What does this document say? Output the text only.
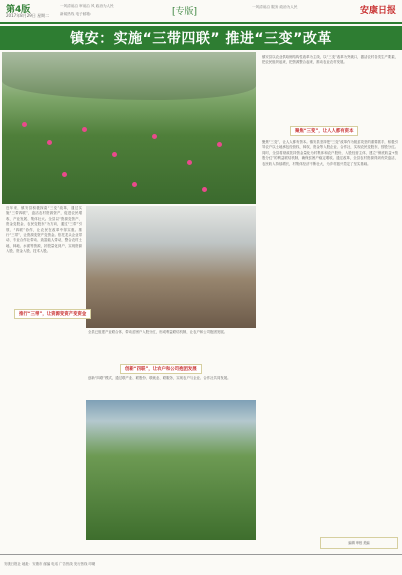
第4版
2017年8月29日 星期二
一风清前沿 审前沿 风 政治为人民
新闻热线 电子邮箱:	[专版]	一风清前沿 服务 政治为人民	安康日报
镇安：实施“三带四联” 推进“三变”改革
镇安县以农业供给侧结构性改革为主线，以“三变”改革为突破口，激活农村各类生产要素，把农民组织起来，把资源整合起来，推动农业农村发展。
聚焦“三变”，让人人都有资本
聚焦“三变”，让人人都有资本。镇安县坚持把“三变”改革作为脱贫攻坚的重要抓手，积极引导农户以土地承包经营权、林权、资金等入股企业、合作社，实现农民变股东，按股分红。同时，全县将财政扶持资金量化为村集体和农户股份，入股经营主体，建立“保底收益+按股分红”的利益联结机制，确保贫困户稳定增收。通过改革，全县农村资源得到有效盘活，农民收入持续增长，村集体经济不断壮大，为乡村振兴奠定了坚实基础。
近年来，镇安县积极探索“三变”改革，通过实施“三带四联”，盘活农村资源资产，促进农民增收、产业发展、集体壮大。全县以“资源变资产、资金变股金、农民变股东”为方向，通过“三带”引领、“四联”协作，让农民在改革中得实惠。推行“三带”，让资源变资产变资金。依托龙头企业带动、专业合作社带动、致富能人带动，整合农村土地、林地、水面等资源，折股量化到户，实现资源入股、资金入股、技术入股。
推行“三带”，让资源变资产变资金
全县已组建产业联合体，带动贫困户入股分红，形成利益联结机制，让农户和公司抱团发展。
创新“四联”，让农户和公司抱团发展
创新“四联”模式，通过联产业、联股份、联就业、联服务，实现农户与企业、合作社共同发展。
编辑 审校 美编
安康日报社 地址：安康市 邮编 电话 广告热线 发行热线 印刷
